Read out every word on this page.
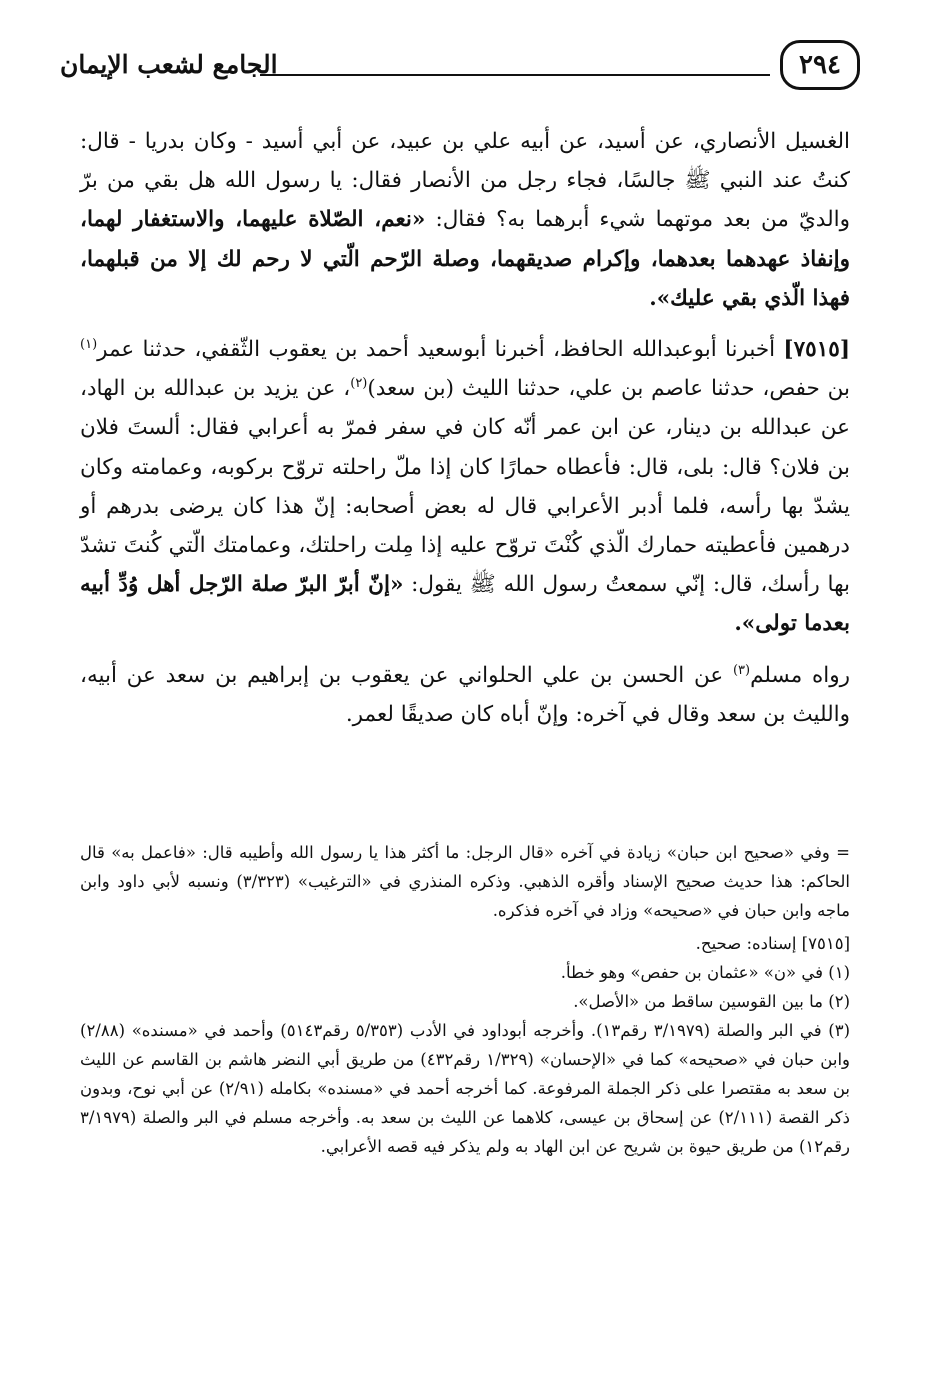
٢٩٤
الجامع لشعب الإيمان

الغسيل الأنصاري، عن أسيد، عن أبيه علي بن عبيد، عن أبي أسيد - وكان بدريا - قال: كنتُ عند النبي ﷺ جالسًا، فجاء رجل من الأنصار فقال: يا رسول الله هل بقي من برّ والديّ من بعد موتهما شيء أبرهما به؟ فقال: «نعم، الصّلاة عليهما، والاستغفار لهما، وإنفاذ عهدهما بعدهما، وإكرام صديقهما، وصلة الرّحم الّتي لا رحم لك إلا من قبلهما، فهذا الّذي بقي عليك».

[٧٥١٥] أخبرنا أبوعبدالله الحافظ، أخبرنا أبوسعيد أحمد بن يعقوب الثّقفي، حدثنا عمر$^{(١)}$ بن حفص، حدثنا عاصم بن علي، حدثنا الليث (بن سعد)$^{(٢)}$، عن يزيد بن عبدالله بن الهاد، عن عبدالله بن دينار، عن ابن عمر أنّه كان في سفر فمرّ به أعرابي فقال: ألستَ فلان بن فلان؟ قال: بلى، قال: فأعطاه حمارًا كان إذا ملّ راحلته تروّح بركوبه، وعمامته وكان يشدّ بها رأسه، فلما أدبر الأعرابي قال له بعض أصحابه: إنّ هذا كان يرضى بدرهم أو درهمين فأعطيته حمارك الّذي كُنْتَ تروّح عليه إذا مِلت راحلتك، وعمامتك الّتي كُنتَ تشدّ بها رأسك، قال: إنّي سمعتُ رسول الله ﷺ يقول: «إنّ أبرّ البرّ صلة الرّجل أهل وُدِّ أبيه بعدما تولى».

رواه مسلم$^{(٣)}$ عن الحسن بن علي الحلواني عن يعقوب بن إبراهيم بن سعد عن أبيه، والليث بن سعد وقال في آخره: وإنّ أباه كان صديقًا لعمر.

= وفي «صحيح ابن حبان» زيادة في آخره «قال الرجل: ما أكثر هذا يا رسول الله وأطيبه قال: «فاعمل به» قال الحاكم: هذا حديث صحيح الإسناد وأقره الذهبي. وذكره المنذري في «الترغيب» (٣/٣٢٣) ونسبه لأبي داود وابن ماجه وابن حبان في «صحيحه» وزاد في آخره فذكره.

[٧٥١٥] إسناده: صحيح.

(١) في «ن» «عثمان بن حفص» وهو خطأ.

(٢) ما بين القوسين ساقط من «الأصل».

(٣) في البر والصلة (٣/١٩٧٩ رقم١٣). وأخرجه أبوداود في الأدب (٥/٣٥٣ رقم٥١٤٣) وأحمد في «مسنده» (٢/٨٨) وابن حبان في «صحيحه» كما في «الإحسان» (١/٣٢٩ رقم٤٣٢) من طريق أبي النضر هاشم بن القاسم عن الليث بن سعد به مقتصرا على ذكر الجملة المرفوعة. كما أخرجه أحمد في «مسنده» بكامله (٢/٩١) عن أبي نوح، وبدون ذكر القصة (٢/١١١) عن إسحاق بن عيسى، كلاهما عن الليث بن سعد به. وأخرجه مسلم في البر والصلة (٣/١٩٧٩ رقم١٢) من طريق حيوة بن شريح عن ابن الهاد به ولم يذكر فيه قصه الأعرابي.
